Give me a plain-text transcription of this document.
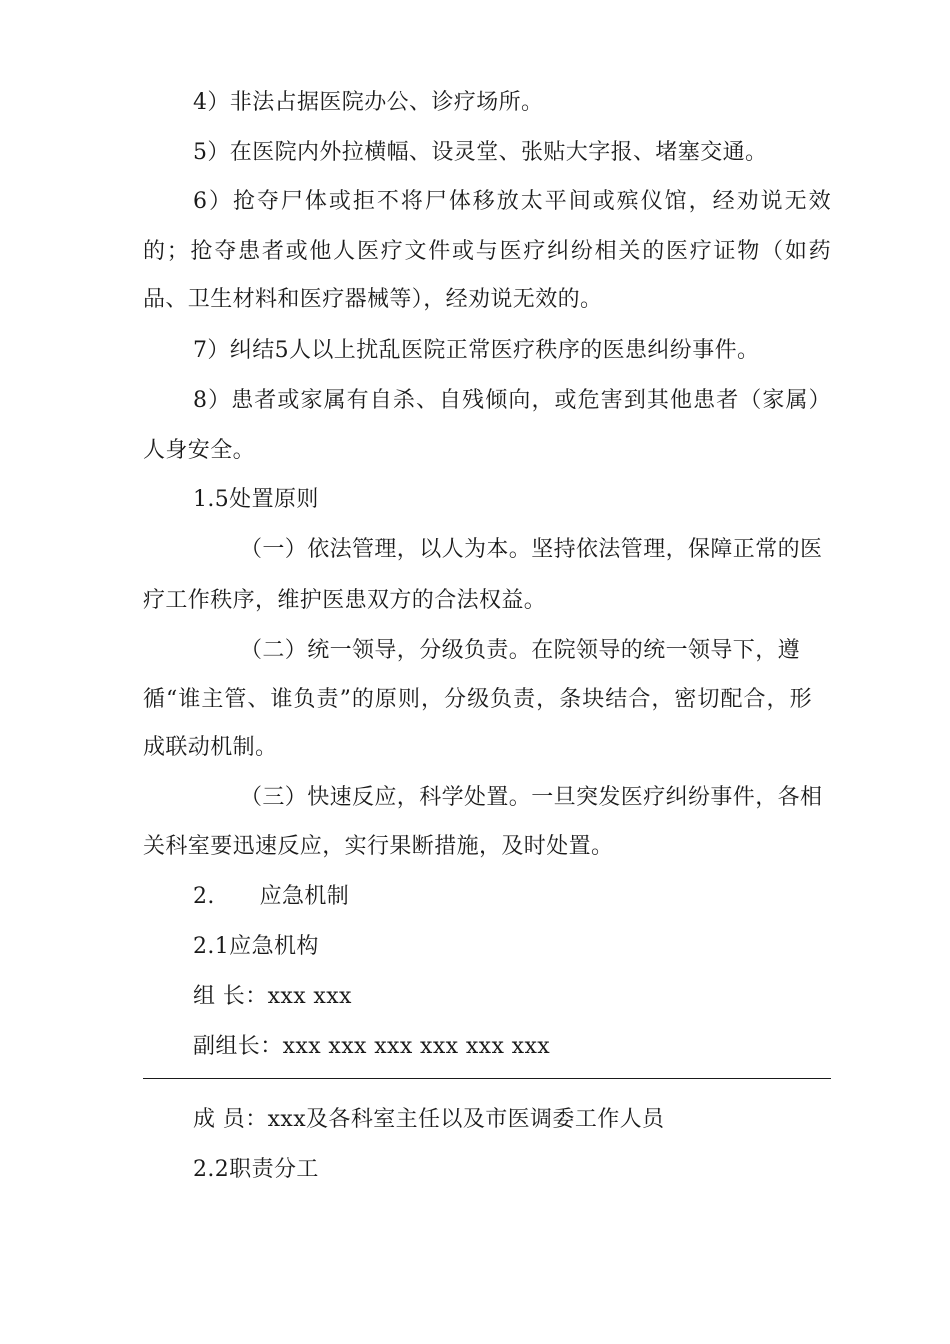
4）非法占据医院办公、诊疗场所。
5）在医院内外拉横幅、设灵堂、张贴大字报、堵塞交通。
6）抢夺尸体或拒不将尸体移放太平间或殡仪馆，经劝说无效
的；抢夺患者或他人医疗文件或与医疗纠纷相关的医疗证物（如药
品、卫生材料和医疗器械等），经劝说无效的。
7）纠结5人以上扰乱医院正常医疗秩序的医患纠纷事件。
8）患者或家属有自杀、自残倾向，或危害到其他患者（家属）
人身安全。
1.5处置原则
（一）依法管理，以人为本。坚持依法管理，保障正常的医
疗工作秩序，维护医患双方的合法权益。
（二）统一领导，分级负责。在院领导的统一领导下，遵
循“谁主管、谁负责”的原则，分级负责，条块结合，密切配合，形
成联动机制。
（三）快速反应，科学处置。一旦突发医疗纠纷事件，各相
关科室要迅速反应，实行果断措施，及时处置。
2.　　应急机制
2.1应急机构
组 长：xxx xxx
副组长：xxx xxx xxx xxx xxx xxx
成 员：xxx及各科室主任以及市医调委工作人员
2.2职责分工
